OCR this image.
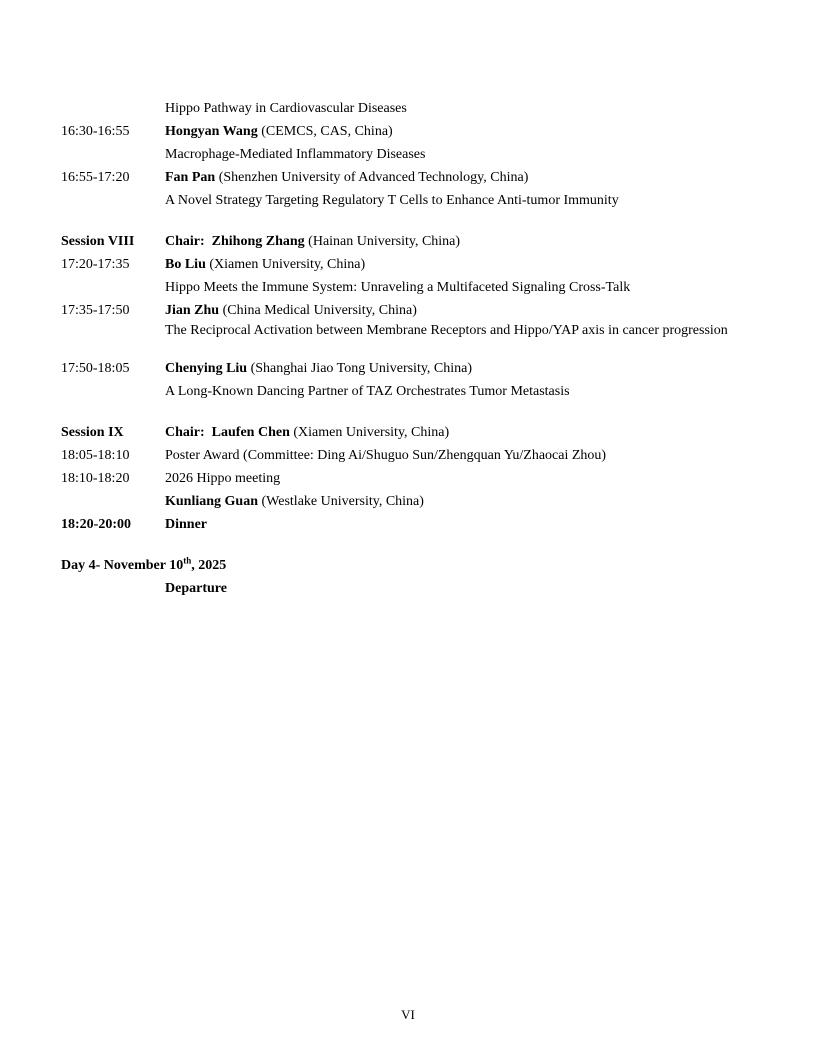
Hippo Pathway in Cardiovascular Diseases
16:30-16:55	Hongyan Wang (CEMCS, CAS, China)
Macrophage-Mediated Inflammatory Diseases
16:55-17:20	Fan Pan (Shenzhen University of Advanced Technology, China)
A Novel Strategy Targeting Regulatory T Cells to Enhance Anti-tumor Immunity
Session VIII Chair: Zhihong Zhang (Hainan University, China)
17:20-17:35	Bo Liu (Xiamen University, China)
Hippo Meets the Immune System: Unraveling a Multifaceted Signaling Cross-Talk
17:35-17:50	Jian Zhu (China Medical University, China)
The Reciprocal Activation between Membrane Receptors and Hippo/YAP axis in cancer progression
17:50-18:05	Chenying Liu (Shanghai Jiao Tong University, China)
A Long-Known Dancing Partner of TAZ Orchestrates Tumor Metastasis
Session IX	Chair: Laufen Chen (Xiamen University, China)
18:05-18:10	Poster Award (Committee: Ding Ai/Shuguo Sun/Zhengquan Yu/Zhaocai Zhou)
18:10-18:20	2026 Hippo meeting
Kunliang Guan (Westlake University, China)
18:20-20:00 Dinner
Day 4- November 10th, 2025
Departure
VI
